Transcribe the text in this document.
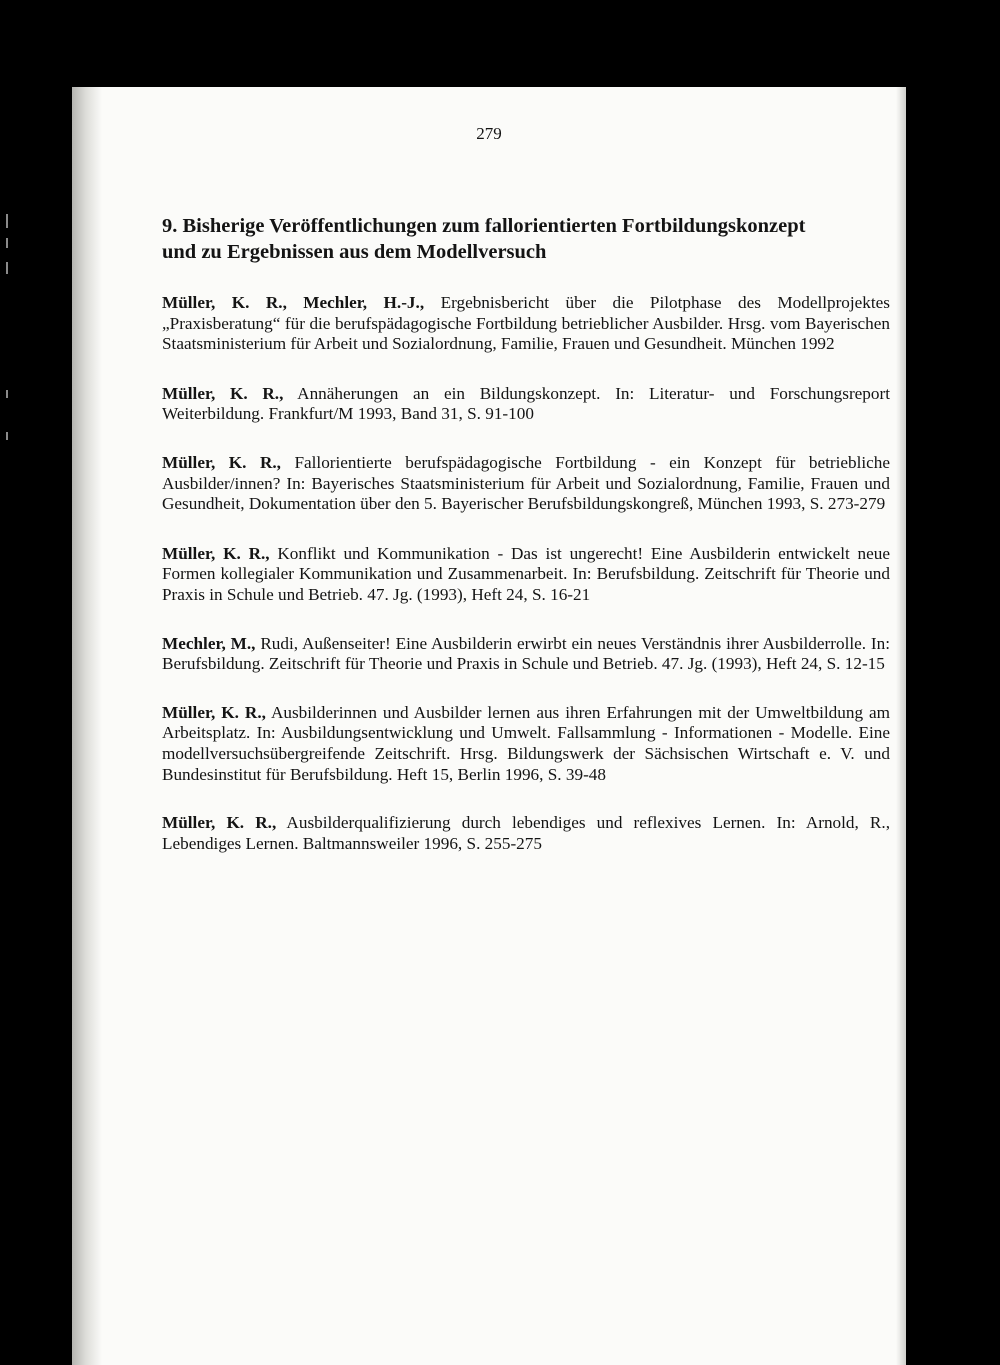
279
9. Bisherige Veröffentlichungen zum fallorientierten Fortbildungskonzept
und zu Ergebnissen aus dem Modellversuch

Müller, K. R., Mechler, H.-J., Ergebnisbericht über die Pilotphase des Modellprojektes „Praxisberatung“ für die berufspädagogische Fortbildung betrieblicher Ausbilder. Hrsg. vom Bayerischen Staatsministerium für Arbeit und Sozialordnung, Familie, Frauen und Gesundheit. München 1992

Müller, K. R., Annäherungen an ein Bildungskonzept. In: Literatur- und Forschungsreport Weiterbildung. Frankfurt/M 1993, Band 31, S. 91-100

Müller, K. R., Fallorientierte berufspädagogische Fortbildung - ein Konzept für betriebliche Ausbilder/innen? In: Bayerisches Staatsministerium für Arbeit und Sozialordnung, Familie, Frauen und Gesundheit, Dokumentation über den 5. Bayerischer Berufsbildungskongreß, München 1993, S. 273-279

Müller, K. R., Konflikt und Kommunikation - Das ist ungerecht! Eine Ausbilderin entwickelt neue Formen kollegialer Kommunikation und Zusammenarbeit. In: Berufsbildung. Zeitschrift für Theorie und Praxis in Schule und Betrieb. 47. Jg. (1993), Heft 24, S. 16-21

Mechler, M., Rudi, Außenseiter! Eine Ausbilderin erwirbt ein neues Verständnis ihrer Ausbilderrolle. In: Berufsbildung. Zeitschrift für Theorie und Praxis in Schule und Betrieb. 47. Jg. (1993), Heft 24, S. 12-15

Müller, K. R., Ausbilderinnen und Ausbilder lernen aus ihren Erfahrungen mit der Umweltbildung am Arbeitsplatz. In: Ausbildungsentwicklung und Umwelt. Fallsammlung - Informationen - Modelle. Eine modellversuchsübergreifende Zeitschrift. Hrsg. Bildungswerk der Sächsischen Wirtschaft e. V. und Bundesinstitut für Berufsbildung. Heft 15, Berlin 1996, S. 39-48

Müller, K. R., Ausbilderqualifizierung durch lebendiges und reflexives Lernen. In: Arnold, R., Lebendiges Lernen. Baltmannsweiler 1996, S. 255-275
